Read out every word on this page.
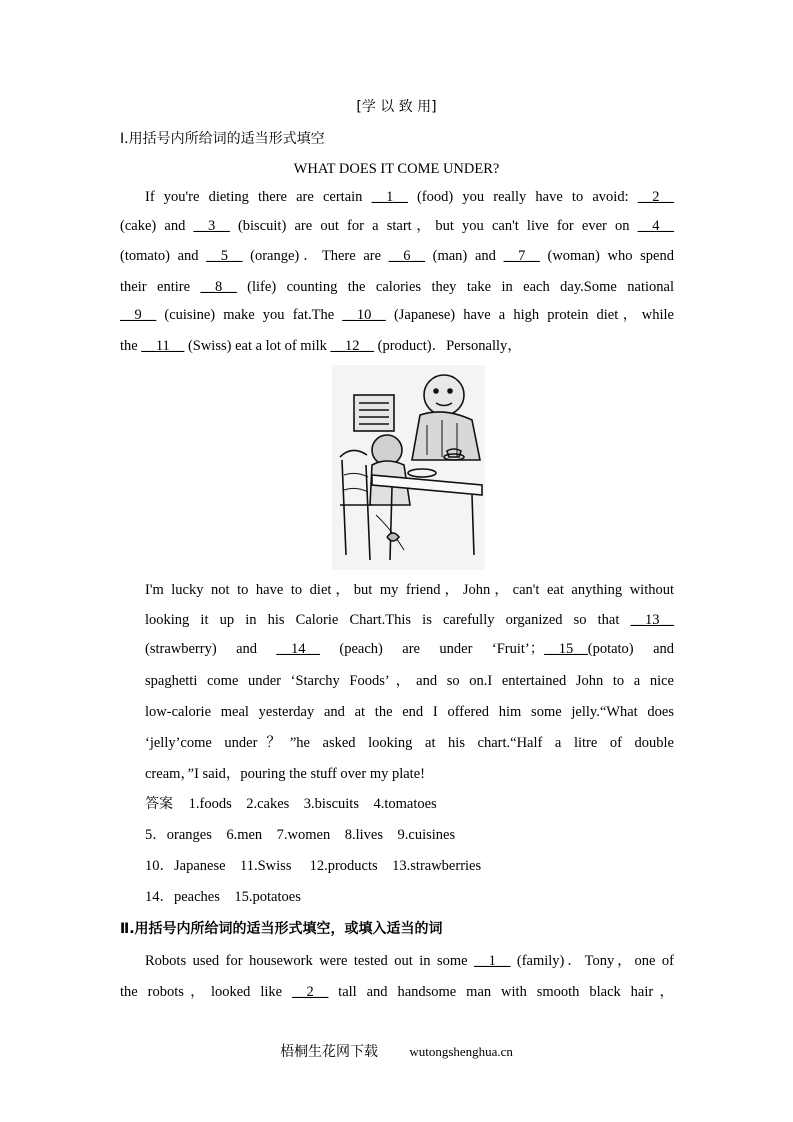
[学 以 致 用]
Ⅰ.用括号内所给词的适当形式填空
WHAT DOES IT COME UNDER?
If you're dieting there are certain __1__ (food) you really have to avoid: __2__
(cake) and __3__ (biscuit) are out for a start，but you can't live for ever on __4__
(tomato) and __5__ (orange)．There are __6__ (man) and __7__ (woman) who spend
their entire __8__ (life) counting the calories they take in each day.Some national
__9__ (cuisine) make you fat.The __10__ (Japanese) have a high protein diet，while
the __11__ (Swiss) eat a lot of milk __12__ (product)．Personally，
I'm lucky not to have to diet，but my friend，John，can't eat anything without
looking it up in his Calorie Chart.This is carefully organized so that __13__
(strawberry) and __14__ (peach) are under ‘Fruit’；__15__(potato) and
spaghetti come under ‘Starchy Foods’，and so on.I entertained John to a nice
low-calorie meal yesterday and at the end I offered him some jelly.“What does
‘jelly’come under？”he asked looking at his chart.“Half a litre of double
cream，”I said，pouring the stuff over my plate!
答案 1.foods　2.cakes　3.biscuits　4.tomatoes
5．oranges　6.men　7.women　8.lives　9.cuisines
10．Japanese　11.Swiss　 12.products　13.strawberries
14．peaches　15.potatoes
Ⅱ.用括号内所给词的适当形式填空，或填入适当的词
Robots used for housework were tested out in some __1__ (family)．Tony，one of
the robots，looked like __2__ tall and handsome man with smooth black hair，
梧桐生花网下载 wutongshenghua.cn
